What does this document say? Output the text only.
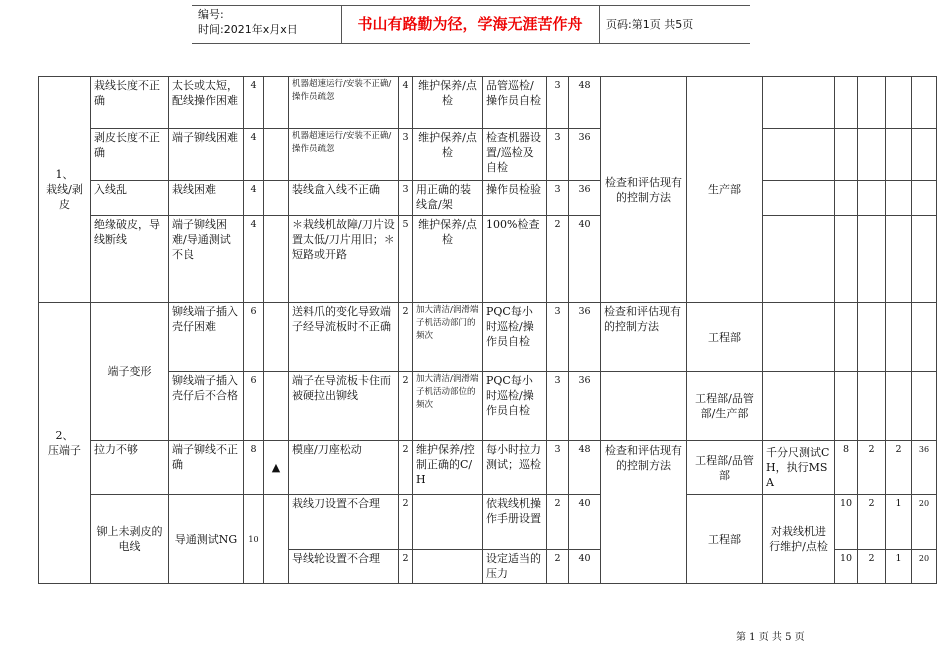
编号:
时间:2021年x月x日	书山有路勤为径，学海无涯苦作舟	页码:第1页 共5页
1、
栽线/剥皮	栽线长度不正确	太长或太短，配线操作困难	4		机器超速运行/安装不正确/操作员疏忽	4	维护保养/点检	品管巡检/操作员自检	3	48	检查和评估现有的控制方法	生产部					
	剥皮长度不正确	端子铆线困难	4		机器超速运行/安装不正确/操作员疏忽	3	维护保养/点检	检查机器设置/巡检及自检	3	36							
	入线乱	栽线困难	4		装线盒入线不正确	3	用正确的装线盒/架	操作员检验	3	36							
	绝缘破皮，导线断线	端子铆线困难/导通测试不良	4		＊栽线机故障/刀片设置太低/刀片用旧；＊短路或开路	5	维护保养/点检	100%检查	2	40							
2、
压端子	端子变形	铆线端子插入壳仔困难	6		送料爪的变化导致端子经导流板时不正确	2	加大清洁/润滑端子机活动部门的频次	PQC每小时巡检/操作员自检	3	36	检查和评估现有的控制方法	工程部					
		铆线端子插入壳仔后不合格	6		端子在导流板卡住而被硬拉出铆线	2	加大清洁/润滑端子机活动部位的频次	PQC每小时巡检/操作员自检	3	36		工程部/品管部/生产部					
	拉力不够	端子铆线不正确	8	▲	模座/刀座松动	2	维护保养/控制正确的C/H	每小时拉力测试；巡检	3	48	检查和评估现有的控制方法	工程部/品管部	千分尺测试CH，执行MSA	8	2	2	36
	铆上未剥皮的电线	导通测试NG	10		栽线刀设置不合理	2		依栽线机操作手册设置	2	40		工程部	对栽线机进行维护/点检	10	2	1	20
					导线轮设置不合理	2		设定适当的压力	2	40				10	2	1	20
第 1 页 共 5 页
